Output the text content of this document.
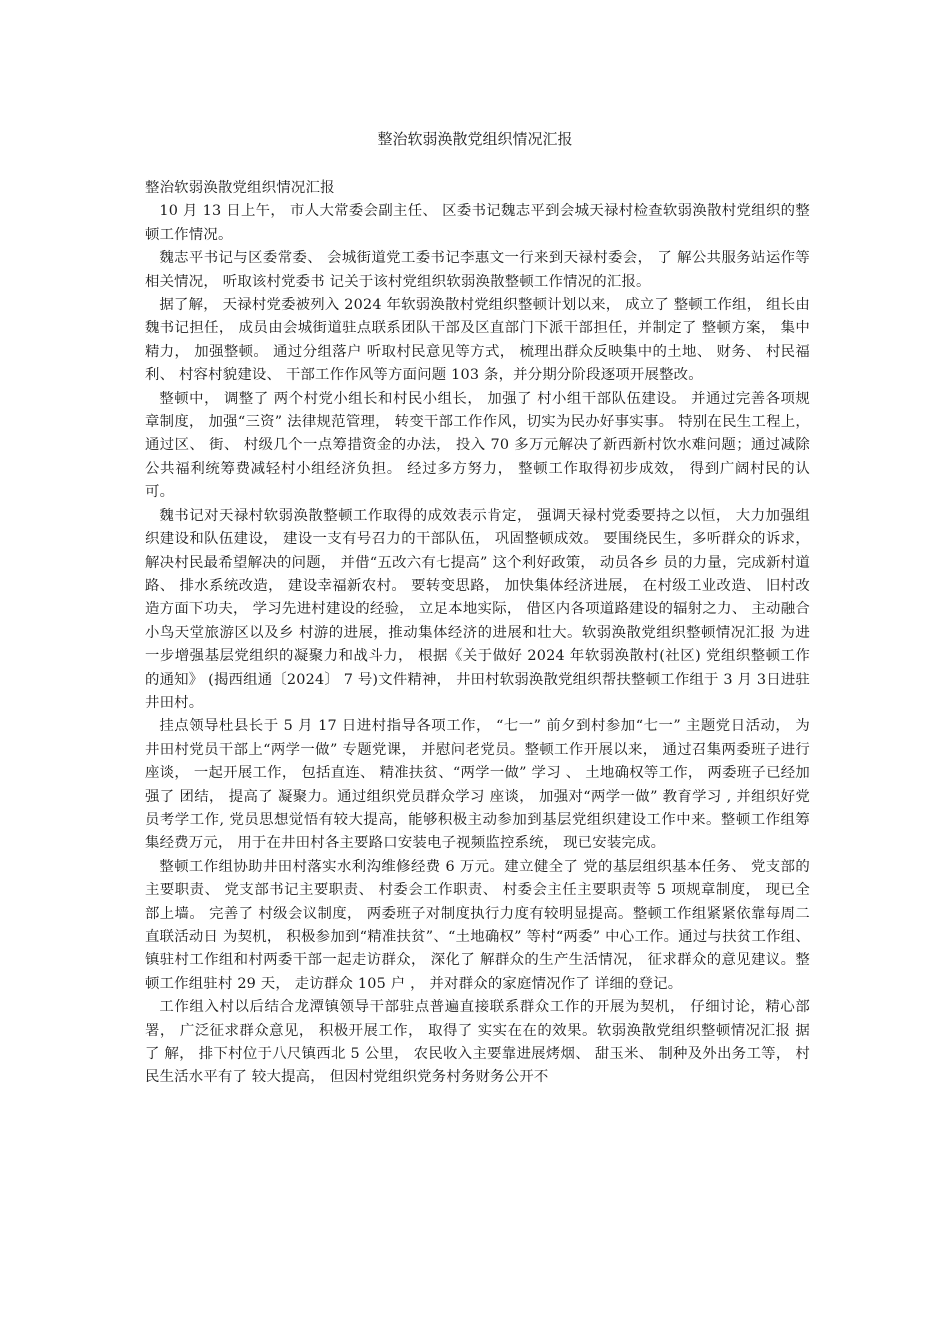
整治软弱涣散党组织情况汇报
整治软弱涣散党组织情况汇报

10 月 13 日上午， 市人大常委会副主任、 区委书记魏志平到会城天禄村检查软弱涣散村党组织的整顿工作情况。

魏志平书记与区委常委、 会城街道党工委书记李惠文一行来到天禄村委会， 了 解公共服务站运作等相关情况， 听取该村党委书 记关于该村党组织软弱涣散整顿工作情况的汇报。

据了解， 天禄村党委被列入 2024 年软弱涣散村党组织整顿计划以来， 成立了 整顿工作组， 组长由魏书记担任， 成员由会城街道驻点联系团队干部及区直部门下派干部担任，并制定了 整顿方案， 集中精力， 加强整顿。 通过分组落户 听取村民意见等方式， 梳理出群众反映集中的土地、 财务、 村民福利、 村容村貌建设、 干部工作作风等方面问题 103 条，并分期分阶段逐项开展整改。

整顿中， 调整了 两个村党小组长和村民小组长， 加强了 村小组干部队伍建设。 并通过完善各项规章制度， 加强“三资” 法律规范管理， 转变干部工作作风，切实为民办好事实事。 特别在民生工程上， 通过区、 街、 村级几个一点筹措资金的办法， 投入 70 多万元解决了新西新村饮水难问题；通过减除公共福利统筹费减轻村小组经济负担。 经过多方努力， 整顿工作取得初步成效， 得到广阔村民的认可。

魏书记对天禄村软弱涣散整顿工作取得的成效表示肯定， 强调天禄村党委要持之以恒， 大力加强组织建设和队伍建设， 建设一支有号召力的干部队伍， 巩固整顿成效。 要围绕民生，多听群众的诉求， 解决村民最希望解决的问题， 并借“五改六有七提高” 这个利好政策， 动员各乡 员的力量，完成新村道路、 排水系统改造， 建设幸福新农村。 要转变思路， 加快集体经济进展， 在村级工业改造、 旧村改造方面下功夫， 学习先进村建设的经验， 立足本地实际， 借区内各项道路建设的辐射之力、 主动融合小鸟天堂旅游区以及乡 村游的进展，推动集体经济的进展和壮大。软弱涣散党组织整顿情况汇报 为进一步增强基层党组织的凝聚力和战斗力， 根据《关于做好 2024 年软弱涣散村(社区) 党组织整顿工作的通知》 (揭西组通〔2024〕 7 号)文件精神， 井田村软弱涣散党组织帮扶整顿工作组于 3 月 3日进驻井田村。

挂点领导杜县长于 5 月 17 日进村指导各项工作， “七一” 前夕到村参加“七一” 主题党日活动， 为井田村党员干部上“两学一做” 专题党课， 并慰问老党员。整顿工作开展以来， 通过召集两委班子进行座谈， 一起开展工作， 包括直连、 精准扶贫、“两学一做” 学习 、 土地确权等工作， 两委班子已经加强了 团结， 提高了 凝聚力。通过组织党员群众学习 座谈， 加强对“两学一做” 教育学习 , 并组织好党员考学工作, 党员思想觉悟有较大提高，能够积极主动参加到基层党组织建设工作中来。整顿工作组筹集经费万元， 用于在井田村各主要路口安装电子视频监控系统， 现已安装完成。

整顿工作组协助井田村落实水利沟维修经费 6 万元。建立健全了 党的基层组织基本任务、 党支部的主要职责、 党支部书记主要职责、 村委会工作职责、 村委会主任主要职责等 5 项规章制度， 现已全部上墙。 完善了 村级会议制度， 两委班子对制度执行力度有较明显提高。整顿工作组紧紧依靠每周二直联活动日 为契机， 积极参加到“精准扶贫”、“土地确权” 等村“两委” 中心工作。通过与扶贫工作组、 镇驻村工作组和村两委干部一起走访群众， 深化了 解群众的生产生活情况， 征求群众的意见建议。整顿工作组驻村 29 天， 走访群众 105 户 ， 并对群众的家庭情况作了 详细的登记。

工作组入村以后结合龙潭镇领导干部驻点普遍直接联系群众工作的开展为契机， 仔细讨论，精心部署， 广泛征求群众意见， 积极开展工作， 取得了 实实在在的效果。软弱涣散党组织整顿情况汇报 据了 解， 排下村位于八尺镇西北 5 公里， 农民收入主要靠进展烤烟、 甜玉米、 制种及外出务工等， 村民生活水平有了 较大提高， 但因村党组织党务村务财务公开不
